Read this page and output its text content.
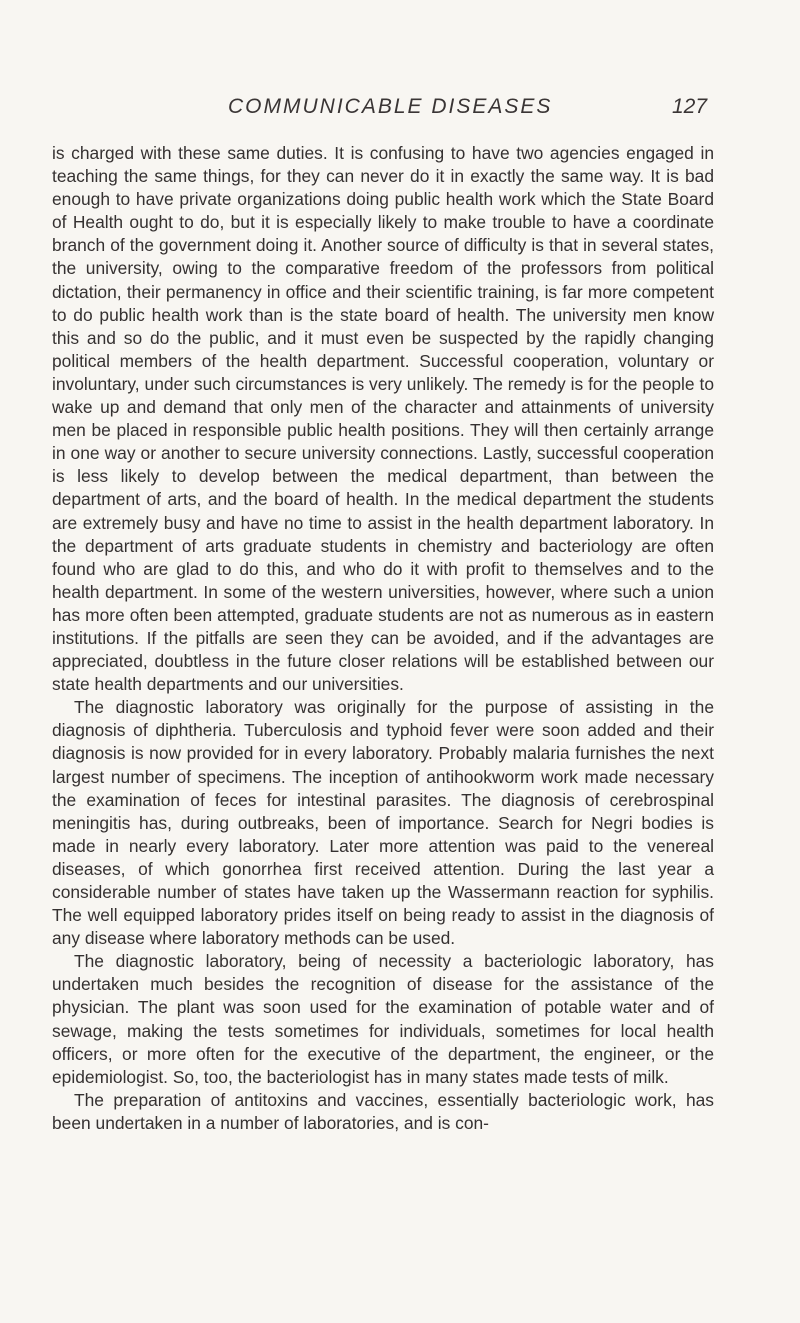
COMMUNICABLE DISEASES	127

is charged with these same duties. It is confusing to have two agencies engaged in teaching the same things, for they can never do it in exactly the same way. It is bad enough to have private organizations doing public health work which the State Board of Health ought to do, but it is especially likely to make trouble to have a coordinate branch of the government doing it. Another source of difficulty is that in several states, the university, owing to the comparative freedom of the professors from political dictation, their permanency in office and their scientific training, is far more competent to do public health work than is the state board of health. The university men know this and so do the public, and it must even be suspected by the rapidly changing political members of the health department. Successful cooperation, voluntary or involuntary, under such circumstances is very unlikely. The remedy is for the people to wake up and demand that only men of the character and attainments of university men be placed in responsible public health positions. They will then certainly arrange in one way or another to secure university connections. Lastly, successful cooperation is less likely to develop between the medical department, than between the department of arts, and the board of health. In the medical department the students are extremely busy and have no time to assist in the health department laboratory. In the department of arts graduate students in chemistry and bacteriology are often found who are glad to do this, and who do it with profit to themselves and to the health department. In some of the western universities, however, where such a union has more often been attempted, graduate students are not as numerous as in eastern institutions. If the pitfalls are seen they can be avoided, and if the advantages are appreciated, doubtless in the future closer relations will be established between our state health departments and our universities.

The diagnostic laboratory was originally for the purpose of assisting in the diagnosis of diphtheria. Tuberculosis and typhoid fever were soon added and their diagnosis is now provided for in every laboratory. Probably malaria furnishes the next largest number of specimens. The inception of antihookworm work made necessary the examination of feces for intestinal parasites. The diagnosis of cerebrospinal meningitis has, during outbreaks, been of importance. Search for Negri bodies is made in nearly every laboratory. Later more attention was paid to the venereal diseases, of which gonorrhea first received attention. During the last year a considerable number of states have taken up the Wassermann reaction for syphilis. The well equipped laboratory prides itself on being ready to assist in the diagnosis of any disease where laboratory methods can be used.

The diagnostic laboratory, being of necessity a bacteriologic laboratory, has undertaken much besides the recognition of disease for the assistance of the physician. The plant was soon used for the examination of potable water and of sewage, making the tests sometimes for individuals, sometimes for local health officers, or more often for the executive of the department, the engineer, or the epidemiologist. So, too, the bacteriologist has in many states made tests of milk.

The preparation of antitoxins and vaccines, essentially bacteriologic work, has been undertaken in a number of laboratories, and is con-
